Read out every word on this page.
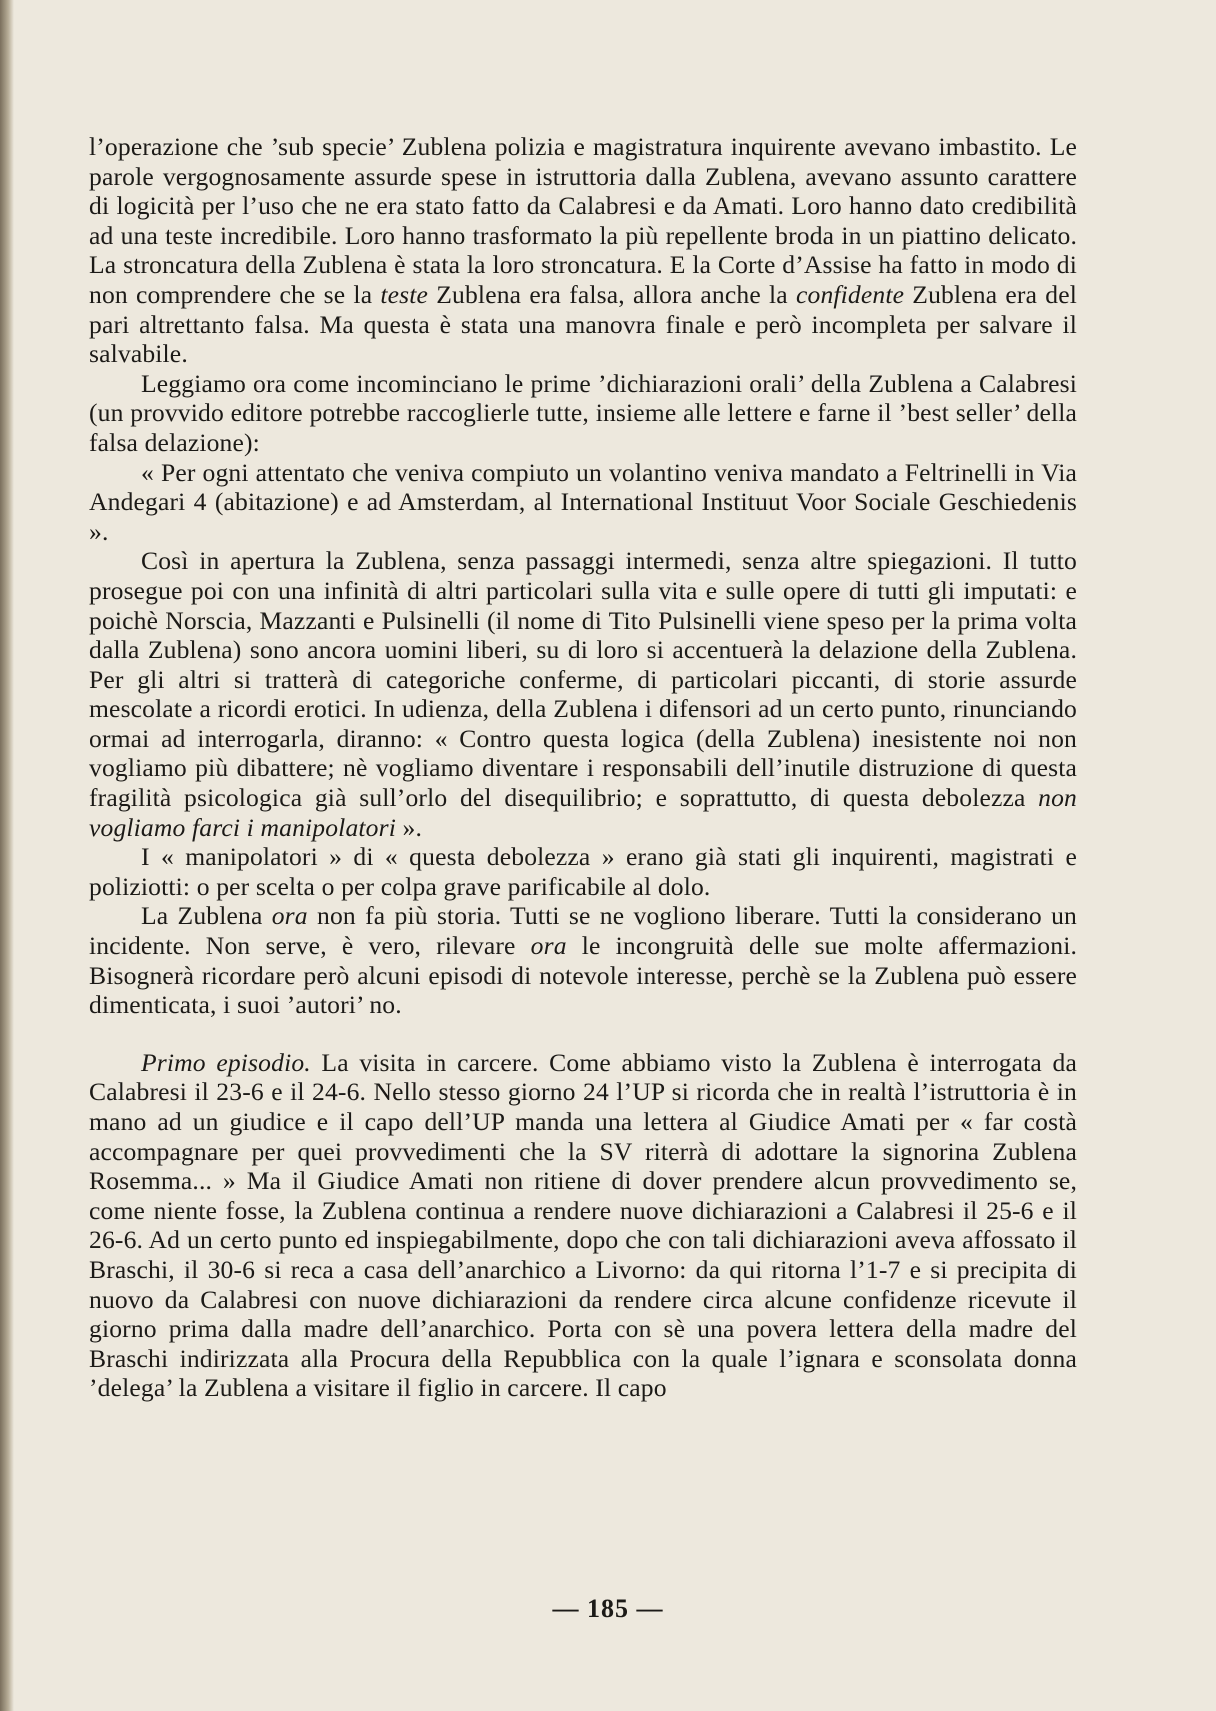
l’operazione che ’sub specie’ Zublena polizia e magistratura inquirente avevano imbastito. Le parole vergognosamente assurde spese in istruttoria dalla Zublena, avevano assunto carattere di logicità per l’uso che ne era stato fatto da Calabresi e da Amati. Loro hanno dato credibilità ad una teste incredibile. Loro hanno trasformato la più repellente broda in un piattino delicato. La stroncatura della Zublena è stata la loro stroncatura. E la Corte d’Assise ha fatto in modo di non comprendere che se la teste Zublena era falsa, allora anche la confidente Zublena era del pari altrettanto falsa. Ma questa è stata una manovra finale e però incompleta per salvare il salvabile.

Leggiamo ora come incominciano le prime ’dichiarazioni orali’ della Zublena a Calabresi (un provvido editore potrebbe raccoglierle tutte, insieme alle lettere e farne il ’best seller’ della falsa delazione):

« Per ogni attentato che veniva compiuto un volantino veniva mandato a Feltrinelli in Via Andegari 4 (abitazione) e ad Amsterdam, al International Instituut Voor Sociale Geschiedenis ».

Così in apertura la Zublena, senza passaggi intermedi, senza altre spiegazioni. Il tutto prosegue poi con una infinità di altri particolari sulla vita e sulle opere di tutti gli imputati: e poichè Norscia, Mazzanti e Pulsinelli (il nome di Tito Pulsinelli viene speso per la prima volta dalla Zublena) sono ancora uomini liberi, su di loro si accentuerà la delazione della Zublena. Per gli altri si tratterà di categoriche conferme, di particolari piccanti, di storie assurde mescolate a ricordi erotici. In udienza, della Zublena i difensori ad un certo punto, rinunciando ormai ad interrogarla, diranno: « Contro questa logica (della Zublena) inesistente noi non vogliamo più dibattere; nè vogliamo diventare i responsabili dell’inutile distruzione di questa fragilità psicologica già sull’orlo del disequilibrio; e soprattutto, di questa debolezza non vogliamo farci i manipolatori ».

I « manipolatori » di « questa debolezza » erano già stati gli inquirenti, magistrati e poliziotti: o per scelta o per colpa grave parificabile al dolo.

La Zublena ora non fa più storia. Tutti se ne vogliono liberare. Tutti la considerano un incidente. Non serve, è vero, rilevare ora le incongruità delle sue molte affermazioni. Bisognerà ricordare però alcuni episodi di notevole interesse, perchè se la Zublena può essere dimenticata, i suoi ’autori’ no.

Primo episodio. La visita in carcere. Come abbiamo visto la Zublena è interrogata da Calabresi il 23-6 e il 24-6. Nello stesso giorno 24 l’UP si ricorda che in realtà l’istruttoria è in mano ad un giudice e il capo dell’UP manda una lettera al Giudice Amati per « far costà accompagnare per quei provvedimenti che la SV riterrà di adottare la signorina Zublena Rosemma... » Ma il Giudice Amati non ritiene di dover prendere alcun provvedimento se, come niente fosse, la Zublena continua a rendere nuove dichiarazioni a Calabresi il 25-6 e il 26-6. Ad un certo punto ed inspiegabilmente, dopo che con tali dichiarazioni aveva affossato il Braschi, il 30-6 si reca a casa dell’anarchico a Livorno: da qui ritorna l’1-7 e si precipita di nuovo da Calabresi con nuove dichiarazioni da rendere circa alcune confidenze ricevute il giorno prima dalla madre dell’anarchico. Porta con sè una povera lettera della madre del Braschi indirizzata alla Procura della Repubblica con la quale l’ignara e sconsolata donna ’delega’ la Zublena a visitare il figlio in carcere. Il capo

— 185 —
